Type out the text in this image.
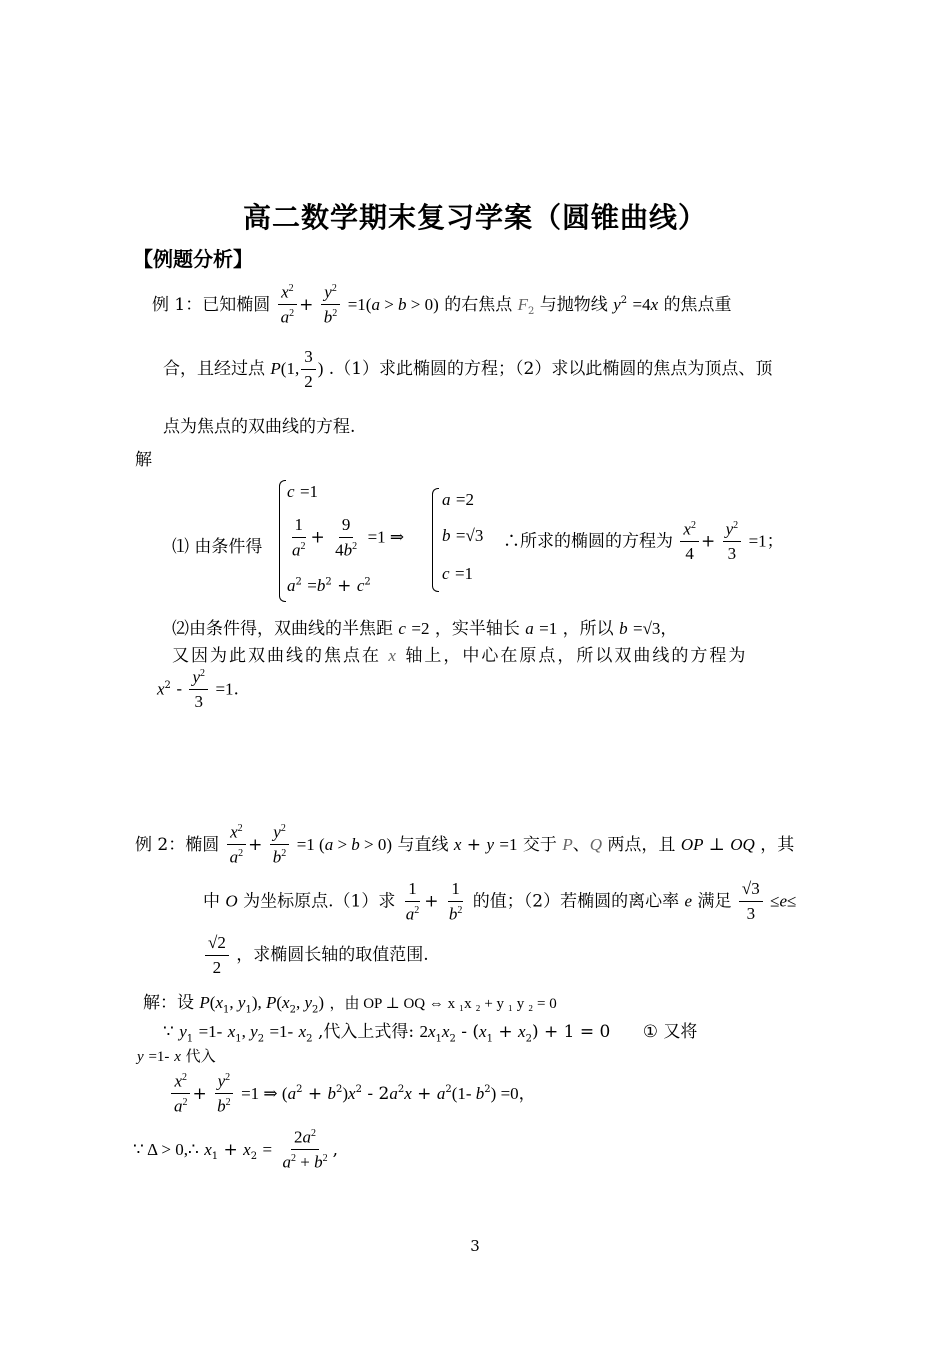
高二数学期末复习学案（圆锥曲线）
【例题分析】
例 1：已知椭圆 $\frac{x^2}{a^2} + \frac{y^2}{b^2} =1(a > b > 0)$ 的右焦点 $F_2$ 与抛物线 $y^2 =4x$ 的焦点重
合，且经过点 P(1, $\frac{3}{2}$ ) .（1）求此椭圆的方程；（2）求以此椭圆的焦点为顶点、顶
点为焦点的双曲线的方程.
解
⑴ 由条件得
c =1
$\frac{1}{a^2} + \frac{9}{4b^2} =1$ ⇒
$a^2 =b^2 + c^2$
a =2
b =√3
c =1
∴所求的椭圆的方程为 $\frac{x^2}{4} + \frac{y^2}{3} =1$；
⑵由条件得，双曲线的半焦距 c =2 ，实半轴长 a =1 ，所以 b =√3，
又因为此双曲线的焦点在 x 轴上，中心在原点，所以双曲线的方程为
$x^2 - \frac{y^2}{3} =1$.
例 2：椭圆 $\frac{x^2}{a^2} + \frac{y^2}{b^2} =1$ (a > b > 0) 与直线 x + y =1 交于 P、Q 两点，且 OP ⊥ OQ ，其
中 O 为坐标原点.（1）求 $\frac{1}{a^2} + \frac{1}{b^2}$ 的值；（2）若椭圆的离心率 e 满足 $\frac{√3}{3} \le e\le$
$\frac{√2}{2}$ ，求椭圆长轴的取值范围.
解：设 $P(x_1$, $y_1$), $P(x_2$, $y_2$) ，由 OP ⊥ OQ ⇔ x ₁x ₂ + y ₁ y ₂ = 0
∵ $y_1 =1-$ $x_1$, $y_2 =1-$ $x_2$ ,代入上式得: $2x_1x_2 - (x_1 + x_2) + 1 = 0$      ① 又将
y =1- x 代入
$\frac{x^2}{a^2} + \frac{y^2}{b^2} =1$ ⇒ $(a^2 + b^2)x^2 - 2a^2x + a^2(1-$ $b^2) =0$，
∵ Δ > 0,∴ $x_1 + x_2 = \frac{2a^2}{a^2 + b^2}$ ,
3
